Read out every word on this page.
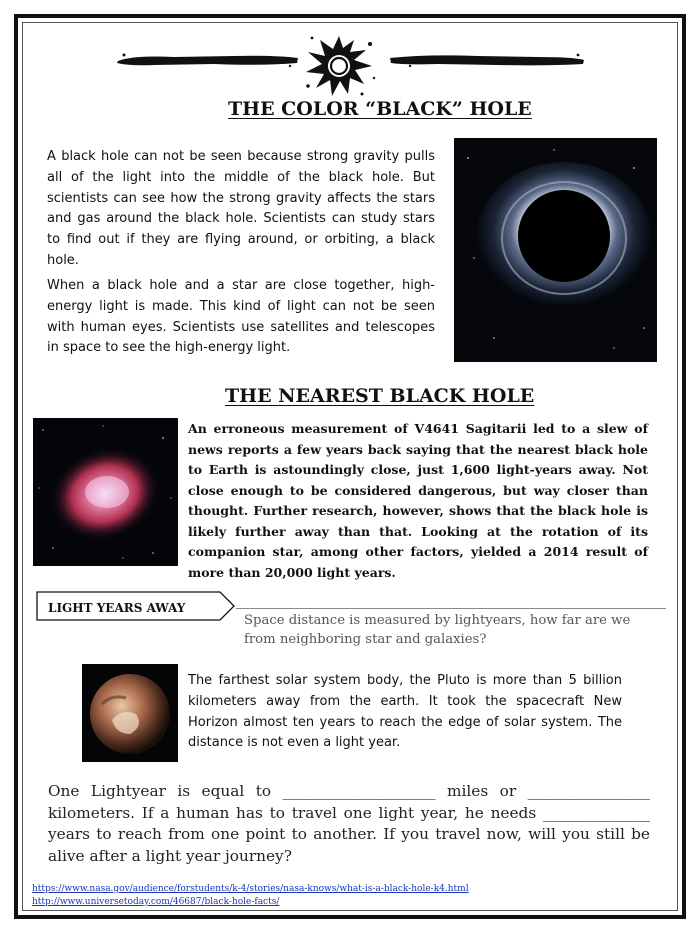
THE COLOR “BLACK” HOLE

A black hole can not be seen because strong gravity pulls all of the light into the middle of the black hole. But scientists can see how the strong gravity affects the stars and gas around the black hole. Scientists can study stars to find out if they are flying around, or orbiting, a black hole.

When a black hole and a star are close together, high-energy light is made. This kind of light can not be seen with human eyes. Scientists use satellites and telescopes in space to see the high-energy light.

THE NEAREST BLACK HOLE

An erroneous measurement of V4641 Sagitarii led to a slew of news reports a few years back saying that the nearest black hole to Earth is astoundingly close, just 1,600 light-years away. Not close enough to be considered dangerous, but way closer than thought. Further research, however, shows that the black hole is likely further away than that. Looking at the rotation of its companion star, among other factors, yielded a 2014 result of more than 20,000 light years.

LIGHT YEARS AWAY

Space distance is measured by lightyears, how far are we from neighboring star and galaxies?

The farthest solar system body, the Pluto is more than 5 billion kilometers away from the earth. It took the spacecraft New Horizon almost ten years to reach the edge of solar system. The distance is not even a light year.

One Lightyear is equal to ____________________ miles or ________________ kilometers. If a human has to travel one light year, he needs ______________ years to reach from one point to another. If you travel now, will you still be alive after a light year journey?

https://www.nasa.gov/audience/forstudents/k-4/stories/nasa-knows/what-is-a-black-hole-k4.html
http://www.universetoday.com/46687/black-hole-facts/
